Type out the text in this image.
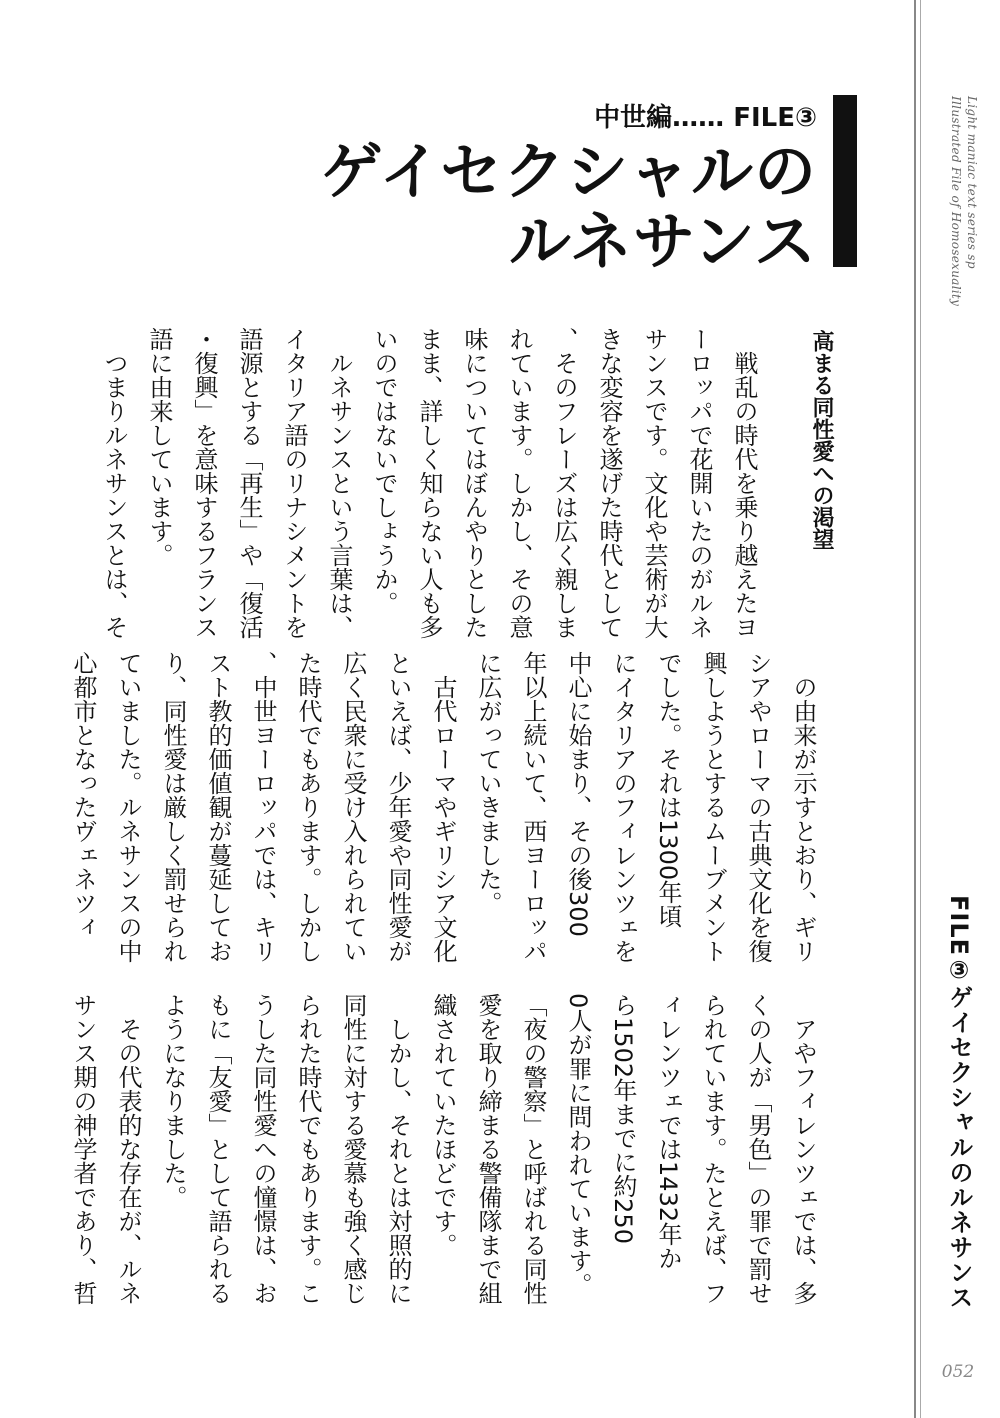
Light maniac text series sp
Illustrated File of Homosexuality
FILE③ゲイセクシャルのルネサンス
052
中世編…… FILE③
ゲイセクシャルの
ルネサンス
高まる同性愛への渇望

戦乱の時代を乗り越えたヨ
ーロッパで花開いたのがルネ
サンスです。文化や芸術が大
きな変容を遂げた時代として
、そのフレーズは広く親しま
れています。しかし、その意
味についてはぼんやりとした
まま、詳しく知らない人も多
いのではないでしょうか。

ルネサンスという言葉は、
イタリア語のリナシメントを
語源とする「再生」や「復活
・復興」を意味するフランス
語に由来しています。

つまりルネサンスとは、そ

の由来が示すとおり、ギリ
シアやローマの古典文化を復
興しようとするムーブメント
でした。それは1300年頃
にイタリアのフィレンツェを
中心に始まり、その後300
年以上続いて、西ヨーロッパ
に広がっていきました。

古代ローマやギリシア文化
といえば、少年愛や同性愛が
広く民衆に受け入れられてい
た時代でもあります。しかし
、中世ヨーロッパでは、キリ
スト教的価値観が蔓延してお
り、同性愛は厳しく罰せられ
ていました。ルネサンスの中
心都市となったヴェネツィ

アやフィレンツェでは、多
くの人が「男色」の罪で罰せ
られています。たとえば、フ
ィレンツェでは1432年か
ら1502年までに約250
0人が罪に問われています。
「夜の警察」と呼ばれる同性
愛を取り締まる警備隊まで組
織されていたほどです。

しかし、それとは対照的に
同性に対する愛慕も強く感じ
られた時代でもあります。こ
うした同性愛への憧憬は、お
もに「友愛」として語られる
ようになりました。

その代表的な存在が、ルネ
サンス期の神学者であり、哲
